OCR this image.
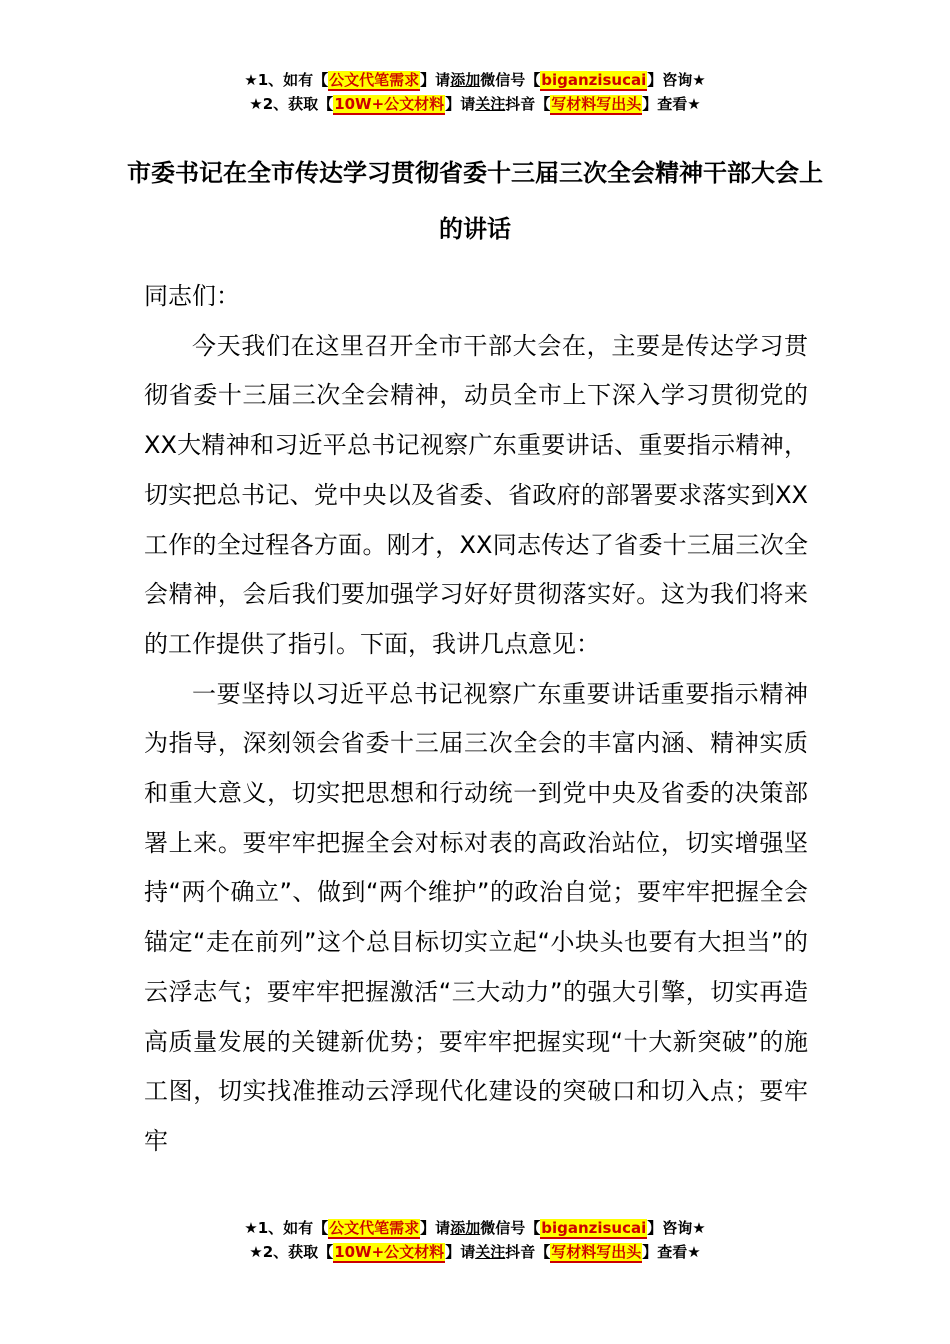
★1、如有【公文代笔需求】请添加微信号【biganzisucai】咨询★
★2、获取【10W+公文材料】请关注抖音【写材料写出头】查看★
市委书记在全市传达学习贯彻省委十三届三次全会精神干部大会上的讲话

同志们：

今天我们在这里召开全市干部大会在，主要是传达学习贯彻省委十三届三次全会精神，动员全市上下深入学习贯彻党的XX大精神和习近平总书记视察广东重要讲话、重要指示精神，切实把总书记、党中央以及省委、省政府的部署要求落实到XX工作的全过程各方面。刚才，XX同志传达了省委十三届三次全会精神，会后我们要加强学习好好贯彻落实好。这为我们将来的工作提供了指引。下面，我讲几点意见：

一要坚持以习近平总书记视察广东重要讲话重要指示精神为指导，深刻领会省委十三届三次全会的丰富内涵、精神实质和重大意义，切实把思想和行动统一到党中央及省委的决策部署上来。要牢牢把握全会对标对表的高政治站位，切实增强坚持“两个确立”、做到“两个维护”的政治自觉；要牢牢把握全会锚定“走在前列”这个总目标切实立起“小块头也要有大担当”的云浮志气；要牢牢把握激活“三大动力”的强大引擎，切实再造高质量发展的关键新优势；要牢牢把握实现“十大新突破”的施工图，切实找准推动云浮现代化建设的突破口和切入点；要牢牢

★1、如有【公文代笔需求】请添加微信号【biganzisucai】咨询★
★2、获取【10W+公文材料】请关注抖音【写材料写出头】查看★
